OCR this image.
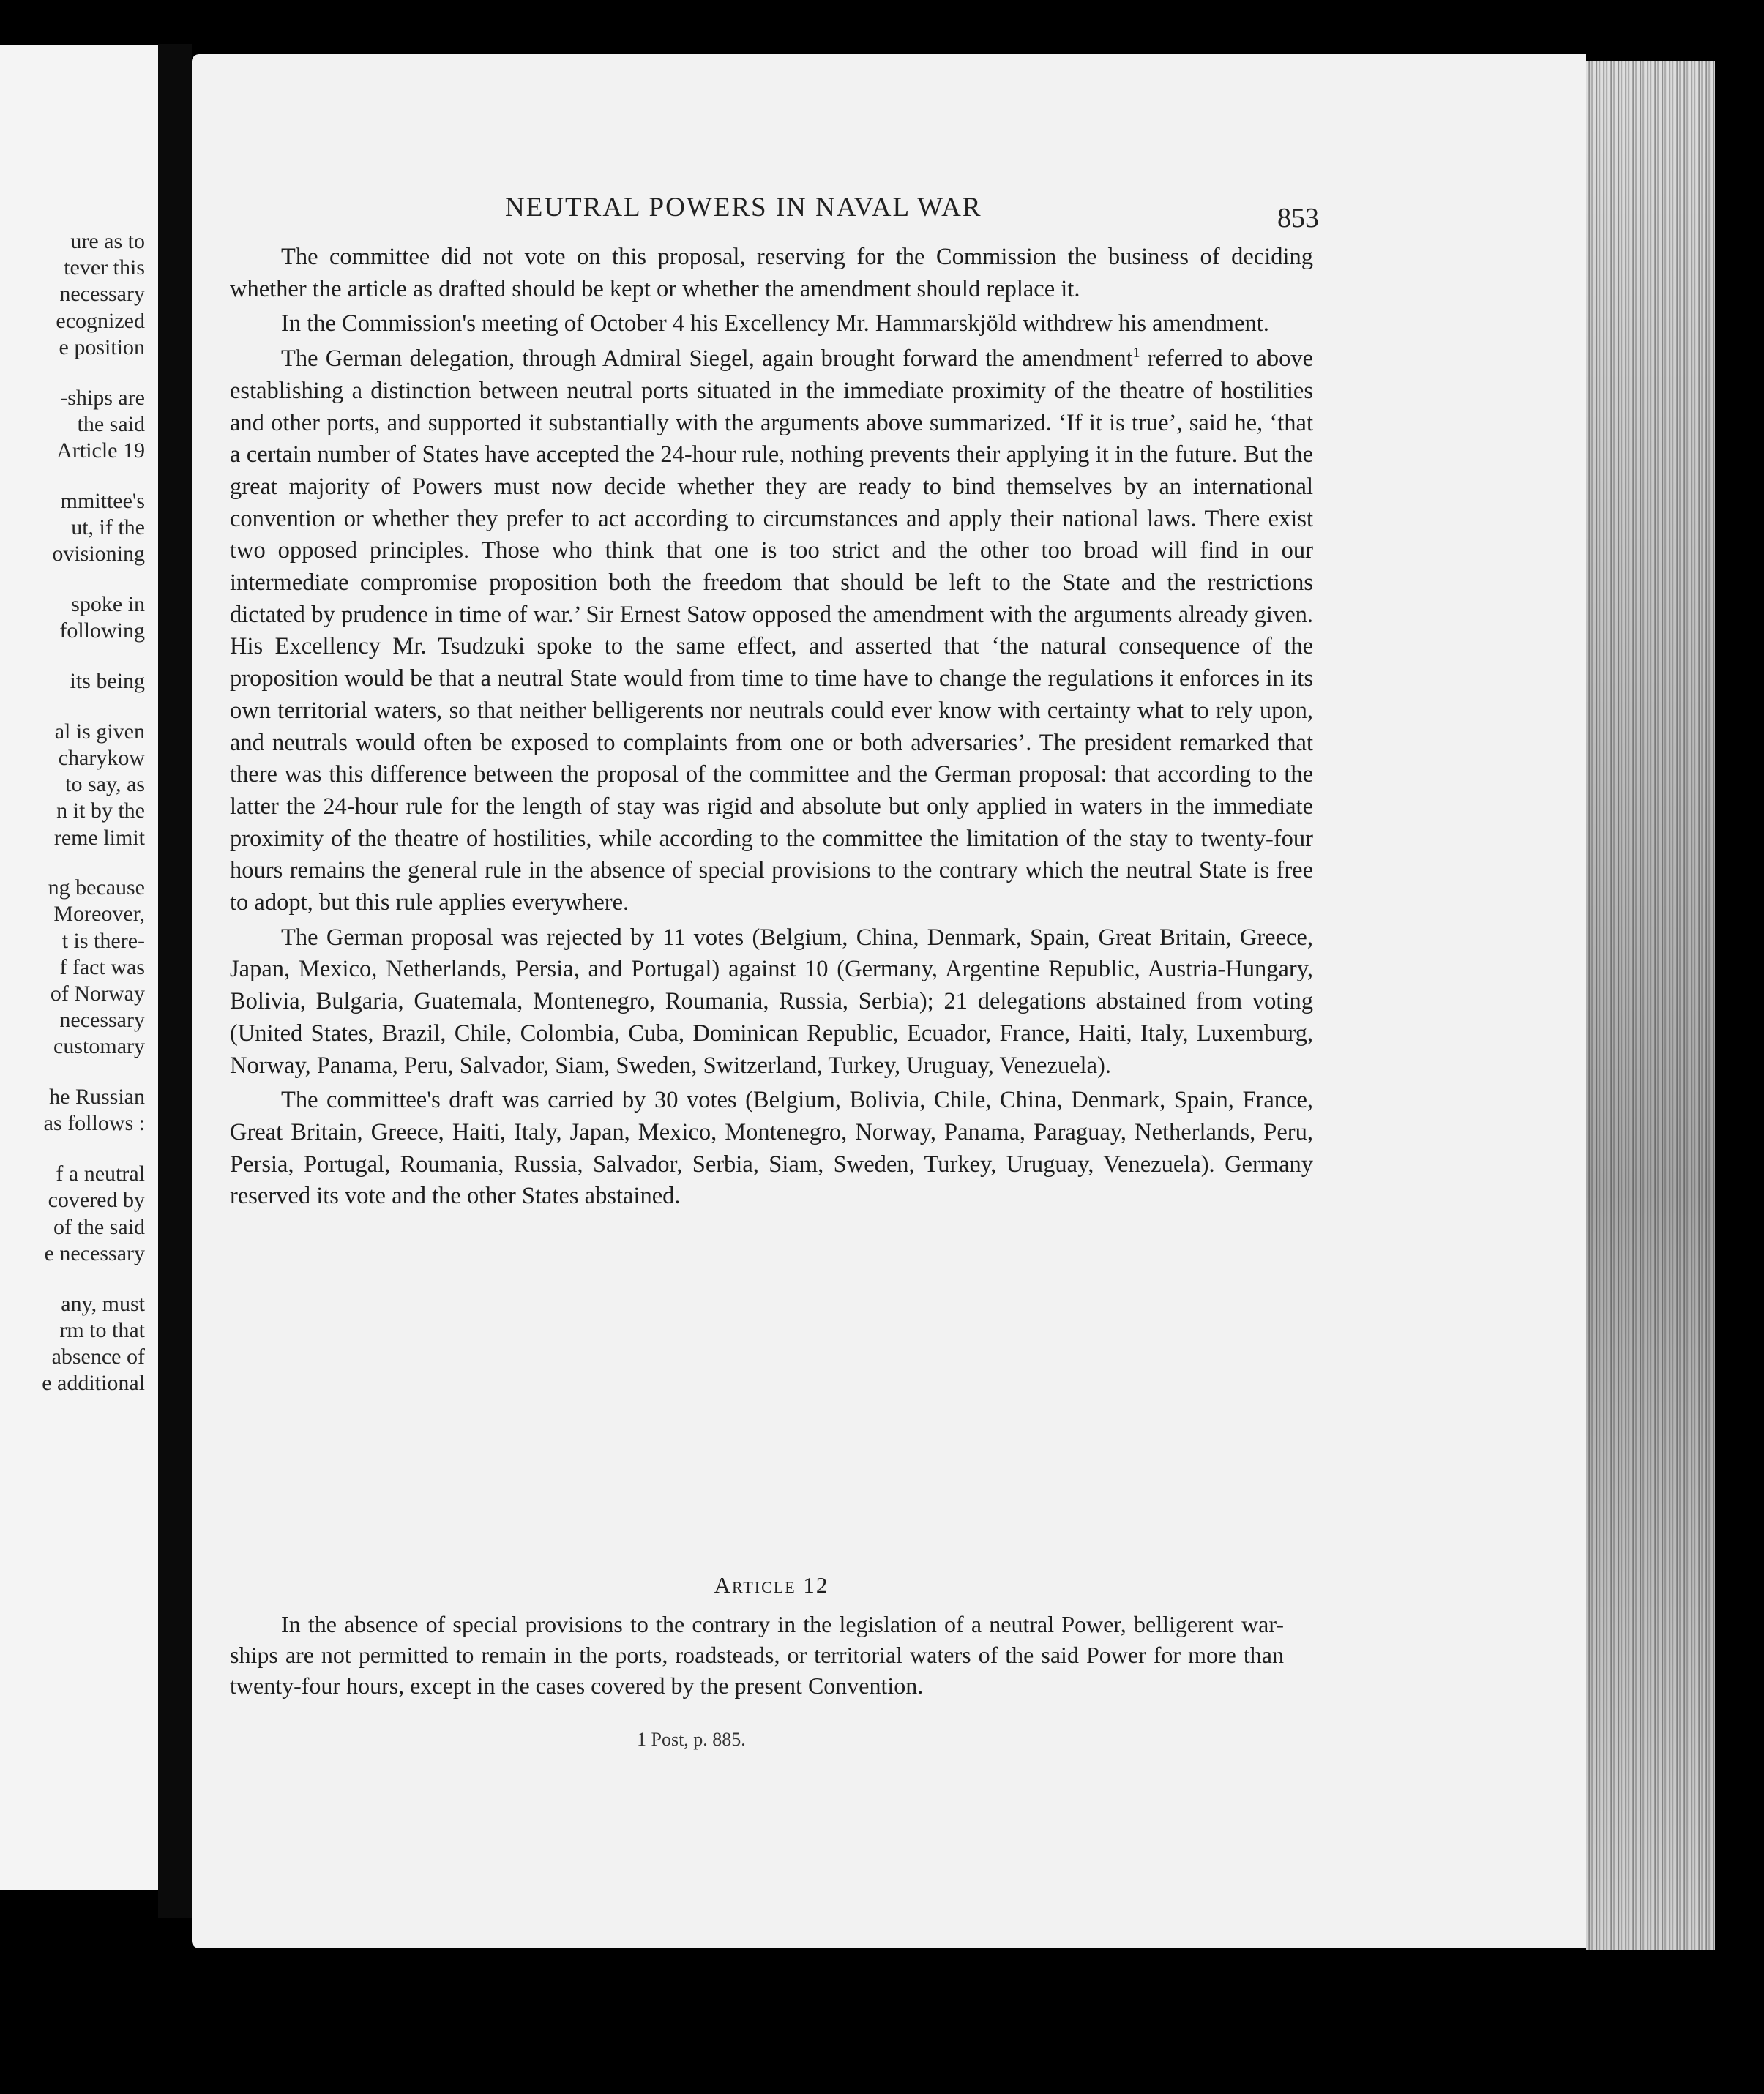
ure as to
tever this
necessary
ecognized
e position
-ships are
the said
Article 19
mmittee's
ut, if the
ovisioning
spoke in
following
its being
al is given
charykow
to say, as
n it by the
reme limit
ng because
Moreover,
t is there-
f fact was
of Norway
necessary
customary
he Russian
as follows :
f a neutral
covered by
of the said
e necessary
any, must
rm to that
absence of
e additional
NEUTRAL POWERS IN NAVAL WAR	853

The committee did not vote on this proposal, reserving for the Commission the business of deciding whether the article as drafted should be kept or whether the amendment should replace it.

In the Commission's meeting of October 4 his Excellency Mr. Hammarskjöld withdrew his amendment.

The German delegation, through Admiral Siegel, again brought forward the amendment$^1$ referred to above establishing a distinction between neutral ports situated in the immediate proximity of the theatre of hostilities and other ports, and supported it substantially with the arguments above summarized. ‘If it is true’, said he, ‘that a certain number of States have accepted the 24-hour rule, nothing prevents their applying it in the future. But the great majority of Powers must now decide whether they are ready to bind themselves by an international convention or whether they prefer to act according to circumstances and apply their national laws. There exist two opposed principles. Those who think that one is too strict and the other too broad will find in our intermediate compromise proposition both the freedom that should be left to the State and the restrictions dictated by prudence in time of war.’ Sir Ernest Satow opposed the amendment with the arguments already given. His Excellency Mr. Tsudzuki spoke to the same effect, and asserted that ‘the natural consequence of the proposition would be that a neutral State would from time to time have to change the regulations it enforces in its own territorial waters, so that neither belligerents nor neutrals could ever know with certainty what to rely upon, and neutrals would often be exposed to complaints from one or both adversaries’. The president remarked that there was this difference between the proposal of the committee and the German proposal: that according to the latter the 24-hour rule for the length of stay was rigid and absolute but only applied in waters in the immediate proximity of the theatre of hostilities, while according to the committee the limitation of the stay to twenty-four hours remains the general rule in the absence of special provisions to the contrary which the neutral State is free to adopt, but this rule applies everywhere.

The German proposal was rejected by 11 votes (Belgium, China, Denmark, Spain, Great Britain, Greece, Japan, Mexico, Netherlands, Persia, and Portugal) against 10 (Germany, Argentine Republic, Austria-Hungary, Bolivia, Bulgaria, Guatemala, Montenegro, Roumania, Russia, Serbia); 21 delegations abstained from voting (United States, Brazil, Chile, Colombia, Cuba, Dominican Republic, Ecuador, France, Haiti, Italy, Luxemburg, Norway, Panama, Peru, Salvador, Siam, Sweden, Switzerland, Turkey, Uruguay, Venezuela).

The committee's draft was carried by 30 votes (Belgium, Bolivia, Chile, China, Denmark, Spain, France, Great Britain, Greece, Haiti, Italy, Japan, Mexico, Montenegro, Norway, Panama, Paraguay, Netherlands, Peru, Persia, Portugal, Roumania, Russia, Salvador, Serbia, Siam, Sweden, Turkey, Uruguay, Venezuela). Germany reserved its vote and the other States abstained.

Article 12

In the absence of special provisions to the contrary in the legislation of a neutral Power, belligerent war-ships are not permitted to remain in the ports, roadsteads, or territorial waters of the said Power for more than twenty-four hours, except in the cases covered by the present Convention.

1 Post, p. 885.
